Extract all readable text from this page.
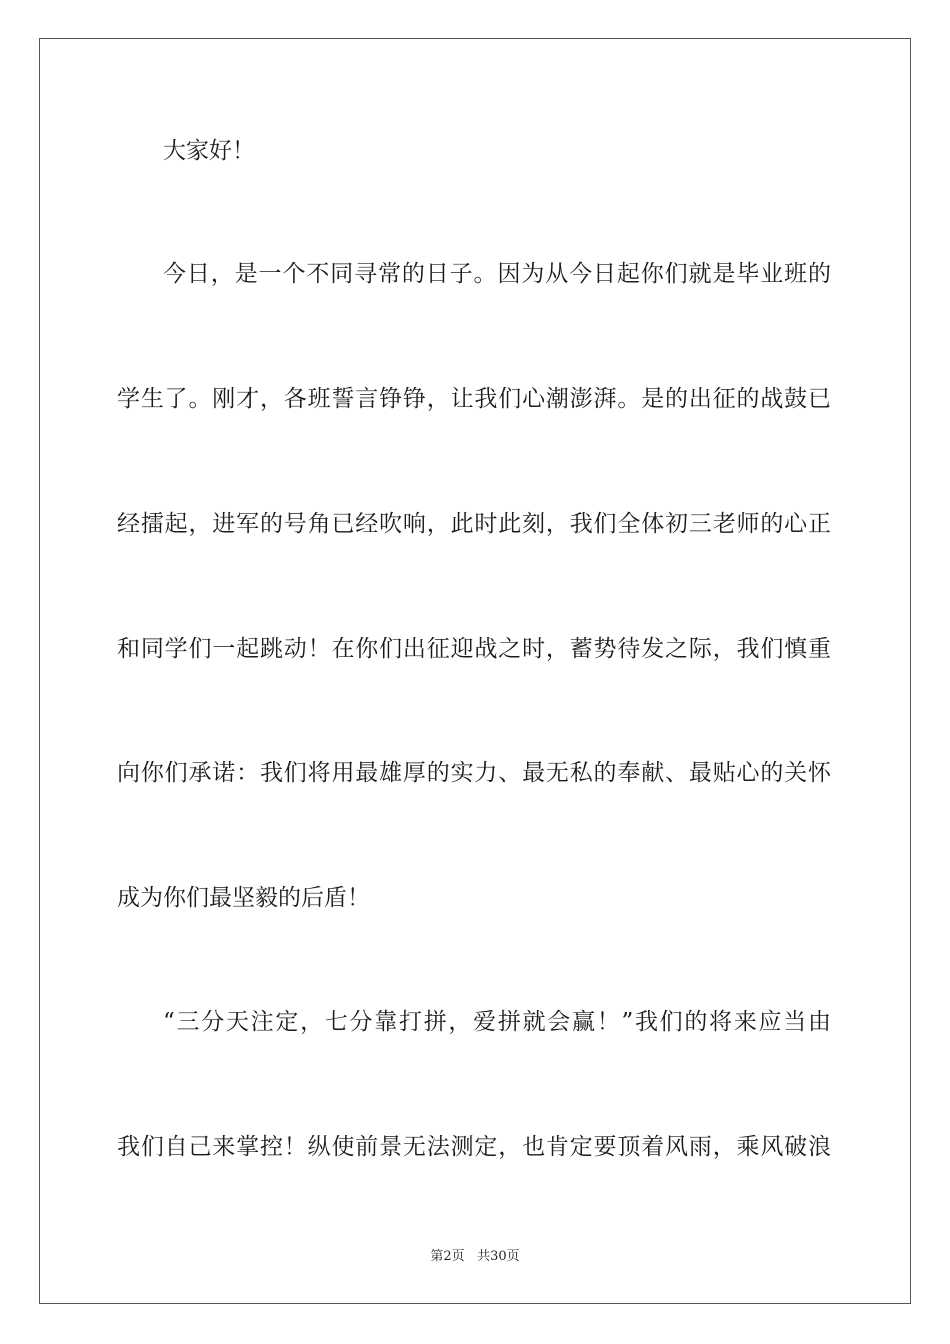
大家好！
今日，是一个不同寻常的日子。因为从今日起你们就是毕业班的
学生了。刚才，各班誓言铮铮，让我们心潮澎湃。是的出征的战鼓已
经擂起，进军的号角已经吹响，此时此刻，我们全体初三老师的心正
和同学们一起跳动！在你们出征迎战之时，蓄势待发之际，我们慎重
向你们承诺：我们将用最雄厚的实力、最无私的奉献、最贴心的关怀
成为你们最坚毅的后盾！
“三分天注定，七分靠打拼，爱拼就会赢！”我们的将来应当由
我们自己来掌控！纵使前景无法测定，也肯定要顶着风雨，乘风破浪
第2页 共30页
